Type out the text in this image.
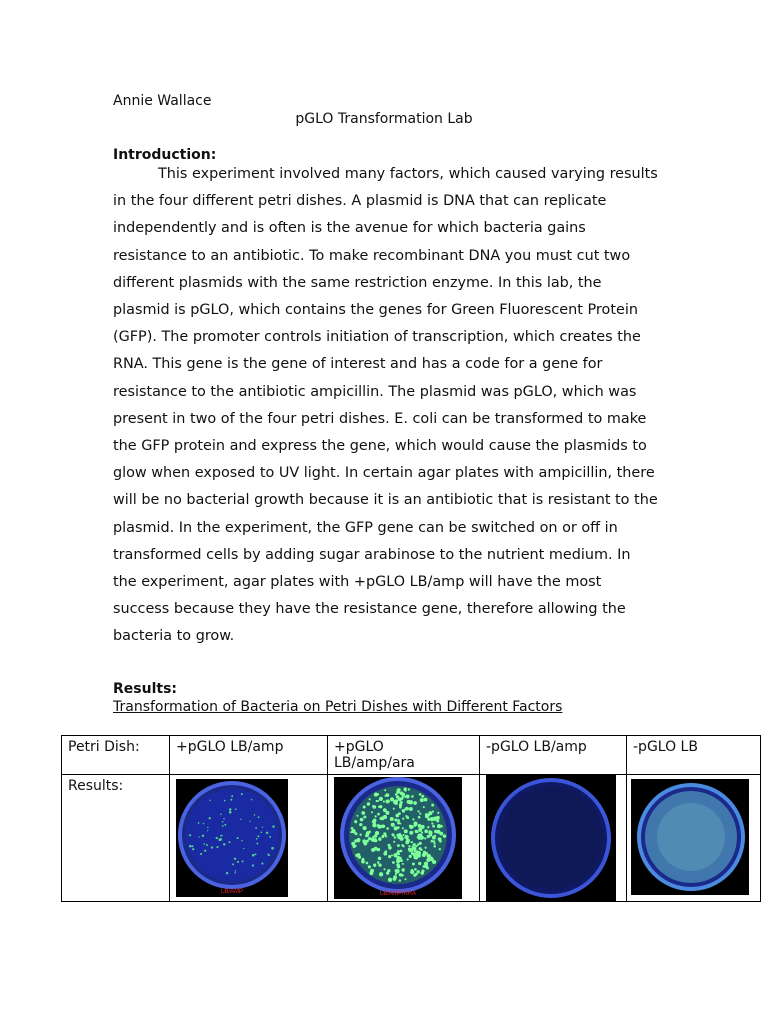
Annie Wallace
pGLO Transformation Lab
Introduction:

This experiment involved many factors, which caused varying results in the four different petri dishes. A plasmid is DNA that can replicate independently and is often is the avenue for which bacteria gains resistance to an antibiotic. To make recombinant DNA you must cut two different plasmids with the same restriction enzyme. In this lab, the plasmid is pGLO, which contains the genes for Green Fluorescent Protein (GFP). The promoter controls initiation of transcription, which creates the RNA. This gene is the gene of interest and has a code for a gene for resistance to the antibiotic ampicillin. The plasmid was pGLO, which was present in two of the four petri dishes. E. coli can be transformed to make the GFP protein and express the gene, which would cause the plasmids to glow when exposed to UV light. In certain agar plates with ampicillin, there will be no bacterial growth because it is an antibiotic that is resistant to the plasmid. In the experiment, the GFP gene can be switched on or off in transformed cells by adding sugar arabinose to the nutrient medium. In the experiment, agar plates with +pGLO LB/amp will have the most success because they have the resistance gene, therefore allowing the bacteria to grow.

Results:
Transformation of Bacteria on Petri Dishes with Different Factors
Petri Dish:	+pGLO LB/amp	+pGLO LB/amp/ara	-pGLO LB/amp	-pGLO LB

Results:	LB/AMP	LB/AMP/ARA
